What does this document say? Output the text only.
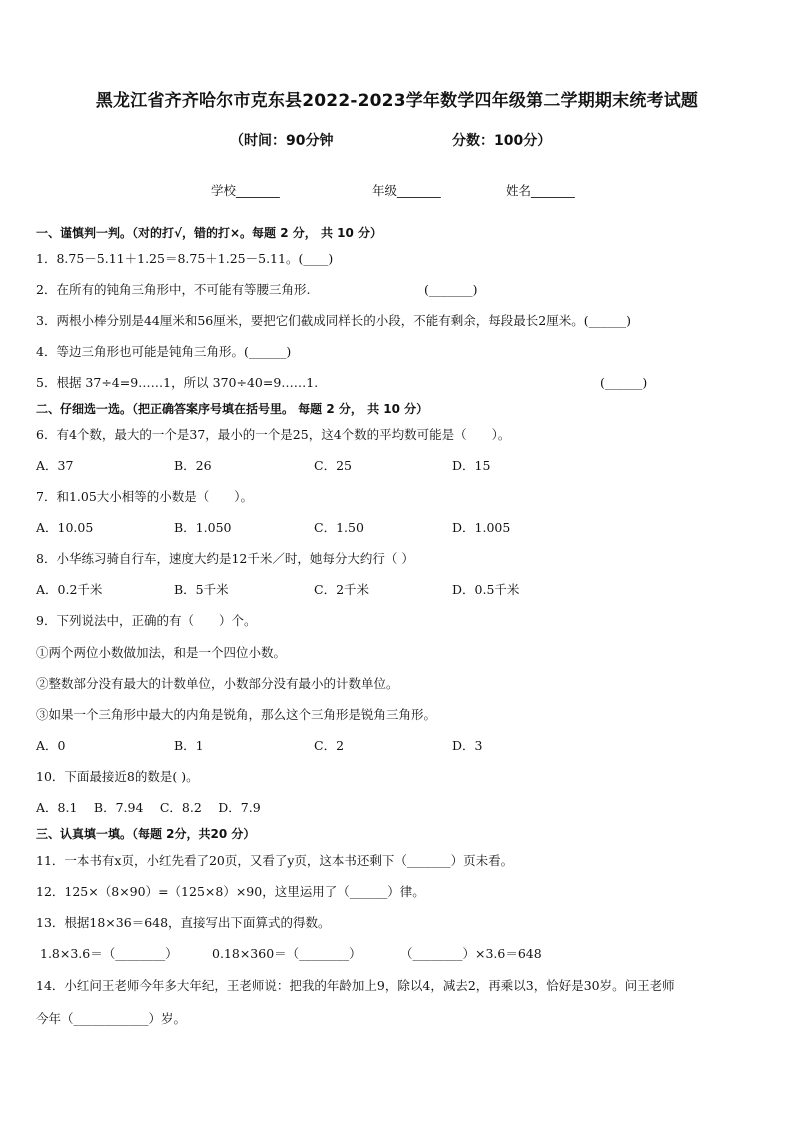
黑龙江省齐齐哈尔市克东县2022-2023学年数学四年级第二学期期末统考试题
（时间：90分钟	分数：100分）
学校_______	年级_______	姓名_______
一、谨慎判一判。（对的打√，错的打×。每题 2 分， 共 10 分）
1．8.75－5.11＋1.25＝8.75＋1.25－5.11。(____)
2．在所有的钝角三角形中，不可能有等腰三角形.	(_______)
3．两根小棒分别是44厘米和56厘米，要把它们截成同样长的小段，不能有剩余，每段最长2厘米。(______)
4．等边三角形也可能是钝角三角形。(______)
5．根据 37÷4=9……1，所以 370÷40=9……1.	(______)
二、仔细选一选。（把正确答案序号填在括号里。 每题 2 分， 共 10 分）
6．有4个数，最大的一个是37，最小的一个是25，这4个数的平均数可能是（　　）。
A．37	B．26	C．25	D．15
7．和1.05大小相等的小数是（　　）。
A．10.05	B．1.050	C．1.50	D．1.005
8．小华练习骑自行车，速度大约是12千米／时，她每分大约行（ ）
A．0.2千米	B．5千米	C．2千米	D．0.5千米
9．下列说法中，正确的有（　　）个。
①两个两位小数做加法，和是一个四位小数。
②整数部分没有最大的计数单位，小数部分没有最小的计数单位。
③如果一个三角形中最大的内角是锐角，那么这个三角形是锐角三角形。
A．0	B．1	C．2	D．3
10．下面最接近8的数是( )。
A．8.1　 B．7.94　 C．8.2　 D．7.9
三、认真填一填。（每题 2分，共20 分）
11．一本书有x页，小红先看了20页，又看了y页，这本书还剩下（_______）页未看。
12．125×（8×90）=（125×8）×90，这里运用了（______）律。
13．根据18×36＝648，直接写出下面算式的得数。
1.8×3.6＝（________）	0.18×360＝（________）	（________）×3.6＝648
14．小红问王老师今年多大年纪，王老师说：把我的年龄加上9，除以4，减去2，再乘以3，恰好是30岁。问王老师
今年（____________）岁。
